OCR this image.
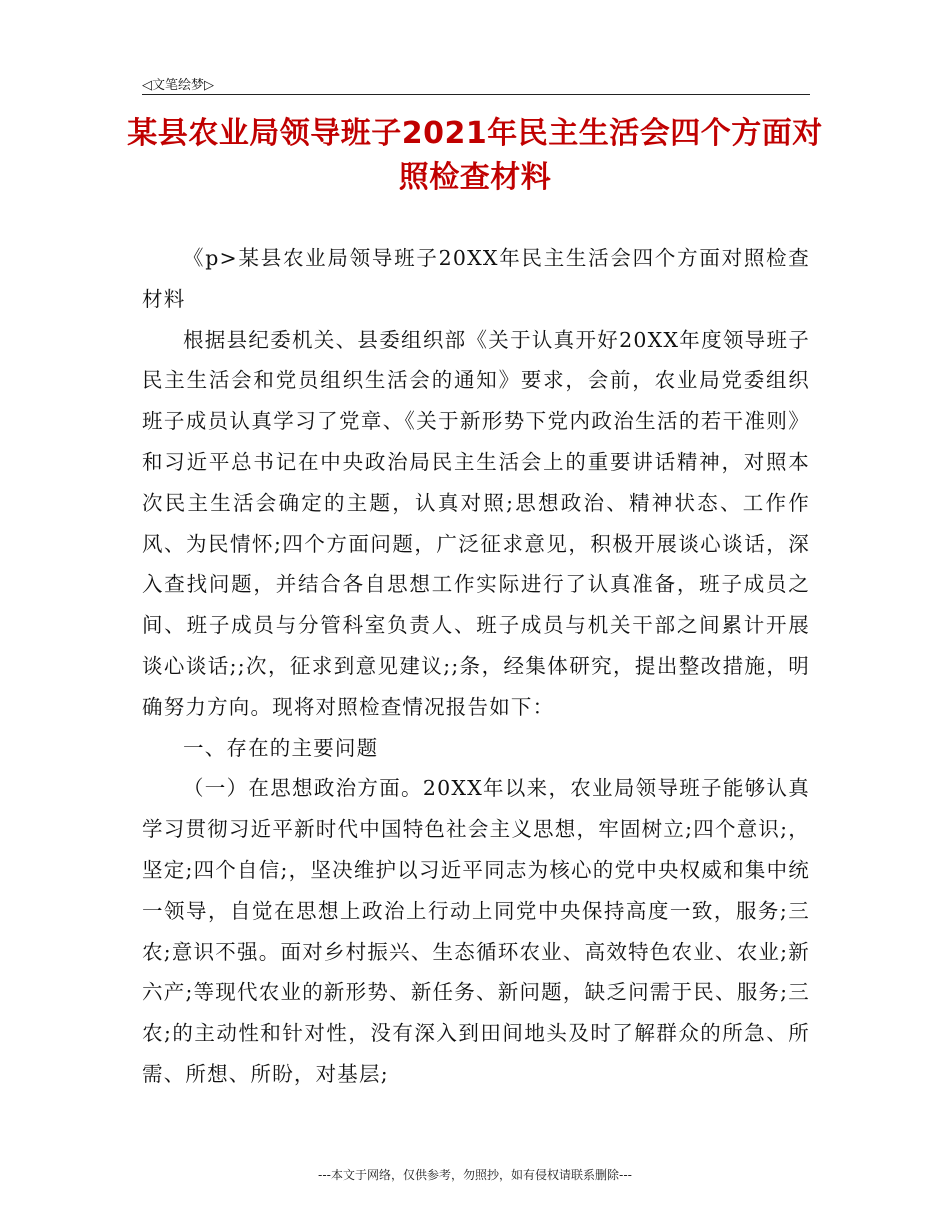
◁文笔绘梦▷
某县农业局领导班子2021年民主生活会四个方面对照检查材料

《p>某县农业局领导班子20XX年民主生活会四个方面对照检查材料

根据县纪委机关、县委组织部《关于认真开好20XX年度领导班子民主生活会和党员组织生活会的通知》要求，会前，农业局党委组织班子成员认真学习了党章、《关于新形势下党内政治生活的若干准则》和习近平总书记在中央政治局民主生活会上的重要讲话精神，对照本次民主生活会确定的主题，认真对照;思想政治、精神状态、工作作风、为民情怀;四个方面问题，广泛征求意见，积极开展谈心谈话，深入查找问题，并结合各自思想工作实际进行了认真准备，班子成员之间、班子成员与分管科室负责人、班子成员与机关干部之间累计开展谈心谈话;;次，征求到意见建议;;条，经集体研究，提出整改措施，明确努力方向。现将对照检查情况报告如下：

一、存在的主要问题

（一）在思想政治方面。20XX年以来，农业局领导班子能够认真学习贯彻习近平新时代中国特色社会主义思想，牢固树立;四个意识;，坚定;四个自信;，坚决维护以习近平同志为核心的党中央权威和集中统一领导，自觉在思想上政治上行动上同党中央保持高度一致，服务;三农;意识不强。面对乡村振兴、生态循环农业、高效特色农业、农业;新六产;等现代农业的新形势、新任务、新问题，缺乏问需于民、服务;三农;的主动性和针对性，没有深入到田间地头及时了解群众的所急、所需、所想、所盼，对基层;

---本文于网络，仅供参考，勿照抄，如有侵权请联系删除---
